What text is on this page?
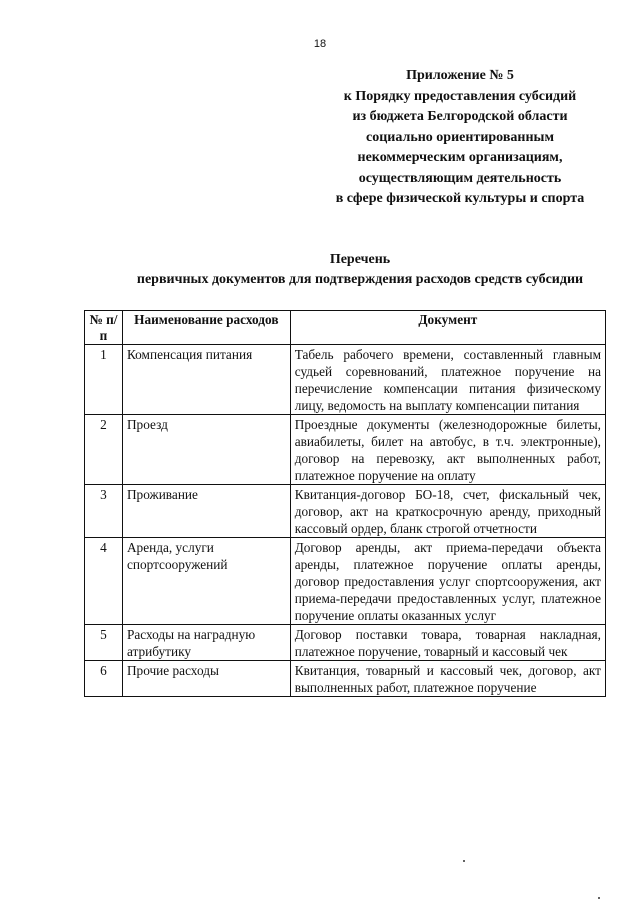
18
Приложение № 5
к Порядку предоставления субсидий
из бюджета Белгородской области
социально ориентированным
некоммерческим организациям,
осуществляющим деятельность
в сфере физической культуры и спорта
Перечень
первичных документов для подтверждения расходов средств субсидии
№ п/п	Наименование расходов	Документ
1	Компенсация питания	Табель рабочего времени, составленный главным судьей соревнований, платежное поручение на перечисление компенсации питания физическому лицу, ведомость на выплату компенсации питания
2	Проезд	Проездные документы (железнодорожные билеты, авиабилеты, билет на автобус, в т.ч. электронные), договор на перевозку, акт выполненных работ, платежное поручение на оплату
3	Проживание	Квитанция-договор БО-18, счет, фискальный чек, договор, акт на краткосрочную аренду, приходный кассовый ордер, бланк строгой отчетности
4	Аренда, услуги спортсооружений	Договор аренды, акт приема-передачи объекта аренды, платежное поручение оплаты аренды, договор предоставления услуг спортсооружения, акт приема-передачи предоставленных услуг, платежное поручение оплаты оказанных услуг
5	Расходы на наградную атрибутику	Договор поставки товара, товарная накладная, платежное поручение, товарный и кассовый чек
6	Прочие расходы	Квитанция, товарный и кассовый чек, договор, акт выполненных работ, платежное поручение
